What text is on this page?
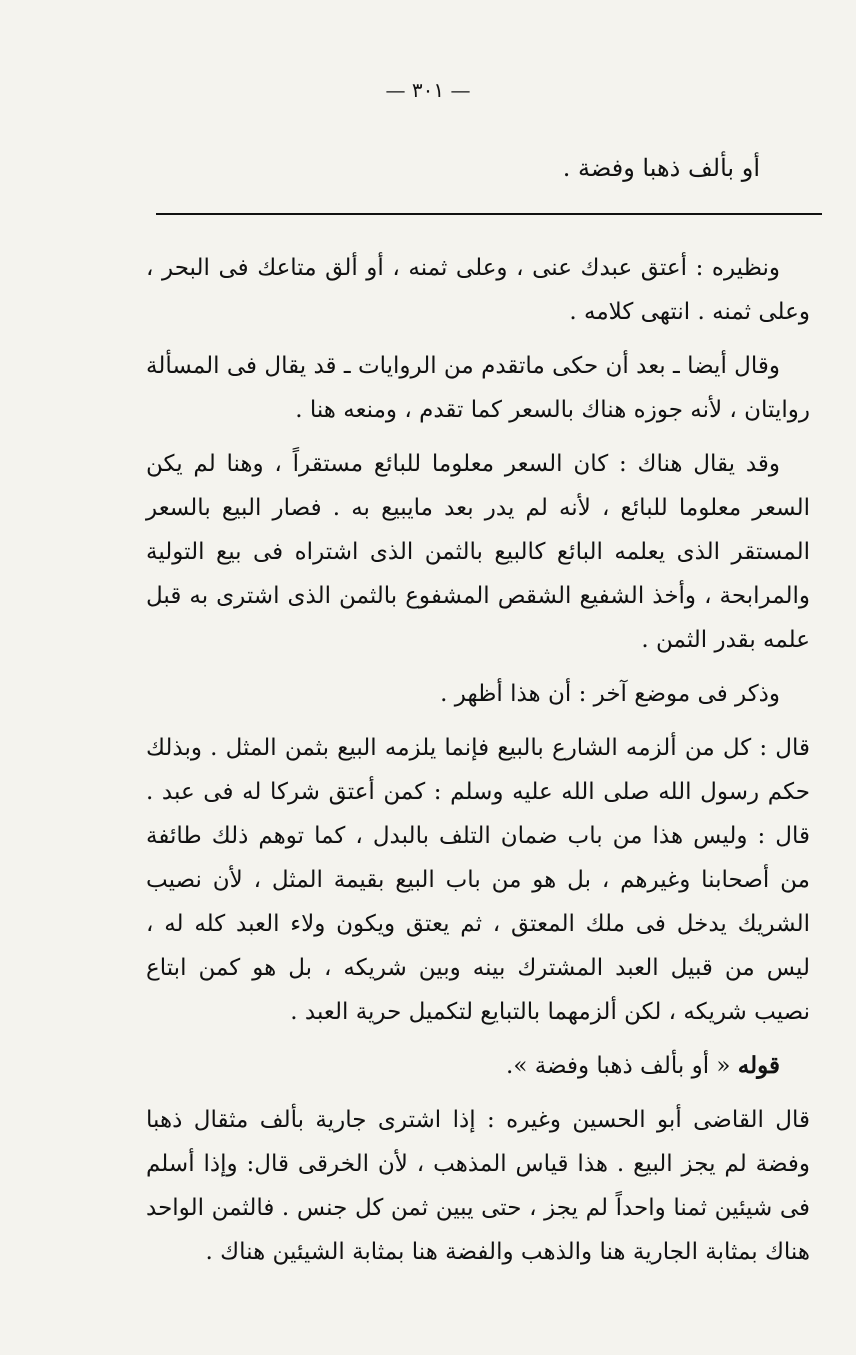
— ٣٠١ —

أو بألف ذهبا وفضة .

ونظيره : أعتق عبدك عنى ، وعلى ثمنه ، أو ألق متاعك فى البحر ، وعلى ثمنه . انتهى كلامه .

وقال أيضا ـ بعد أن حكى ماتقدم من الروايات ـ قد يقال فى المسألة روايتان ، لأنه جوزه هناك بالسعر كما تقدم ، ومنعه هنا .

وقد يقال هناك : كان السعر معلوما للبائع مستقراً ، وهنا لم يكن السعر معلوما للبائع ، لأنه لم يدر بعد مايبيع به . فصار البيع بالسعر المستقر الذى يعلمه البائع كالبيع بالثمن الذى اشتراه فى بيع التولية والمرابحة ، وأخذ الشفيع الشقص المشفوع بالثمن الذى اشترى به قبل علمه بقدر الثمن .

وذكر فى موضع آخر : أن هذا أظهر .

قال : كل من ألزمه الشارع بالبيع فإنما يلزمه البيع بثمن المثل . وبذلك حكم رسول الله صلى الله عليه وسلم : كمن أعتق شركا له فى عبد . قال : وليس هذا من باب ضمان التلف بالبدل ، كما توهم ذلك طائفة من أصحابنا وغيرهم ، بل هو من باب البيع بقيمة المثل ، لأن نصيب الشريك يدخل فى ملك المعتق ، ثم يعتق ويكون ولاء العبد كله له ، ليس من قبيل العبد المشترك بينه وبين شريكه ، بل هو كمن ابتاع نصيب شريكه ، لكن ألزمهما بالتبايع لتكميل حرية العبد .

قوله « أو بألف ذهبا وفضة ».

قال القاضى أبو الحسين وغيره : إذا اشترى جارية بألف مثقال ذهبا وفضة لم يجز البيع . هذا قياس المذهب ، لأن الخرقى قال: وإذا أسلم فى شيئين ثمنا واحداً لم يجز ، حتى يبين ثمن كل جنس . فالثمن الواحد هناك بمثابة الجارية هنا والذهب والفضة هنا بمثابة الشيئين هناك .
